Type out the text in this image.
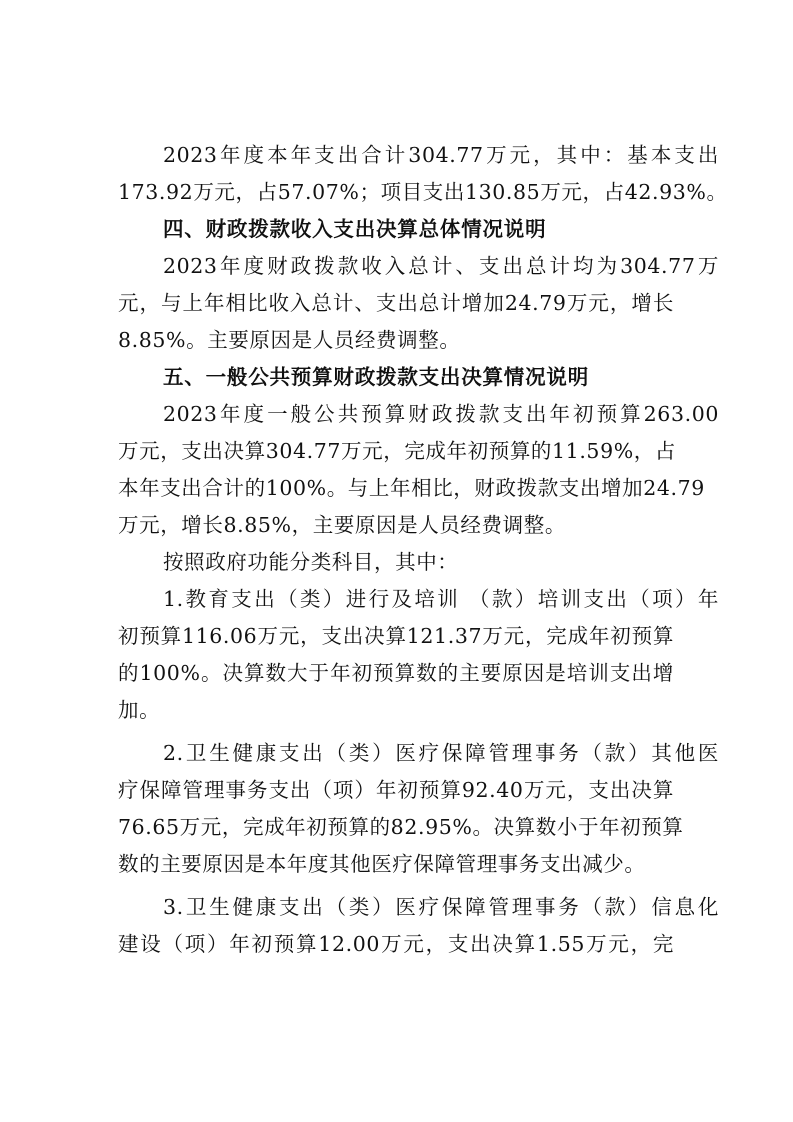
2023年度本年支出合计304.77万元，其中：基本支出
173.92万元，占57.07%；项目支出130.85万元，占42.93%。
四、财政拨款收入支出决算总体情况说明
2023年度财政拨款收入总计、支出总计均为304.77万
元，与上年相比收入总计、支出总计增加24.79万元，增长
8.85%。主要原因是人员经费调整。
五、一般公共预算财政拨款支出决算情况说明
2023年度一般公共预算财政拨款支出年初预算263.00
万元，支出决算304.77万元，完成年初预算的11.59%，占
本年支出合计的100%。与上年相比，财政拨款支出增加24.79
万元，增长8.85%，主要原因是人员经费调整。
按照政府功能分类科目，其中：
1.教育支出（类）进行及培训 （款）培训支出（项）年
初预算116.06万元，支出决算121.37万元，完成年初预算
的100%。决算数大于年初预算数的主要原因是培训支出增
加。
2.卫生健康支出（类）医疗保障管理事务（款）其他医
疗保障管理事务支出（项）年初预算92.40万元，支出决算
76.65万元，完成年初预算的82.95%。决算数小于年初预算
数的主要原因是本年度其他医疗保障管理事务支出减少。
3.卫生健康支出（类）医疗保障管理事务（款）信息化
建设（项）年初预算12.00万元，支出决算1.55万元，完
